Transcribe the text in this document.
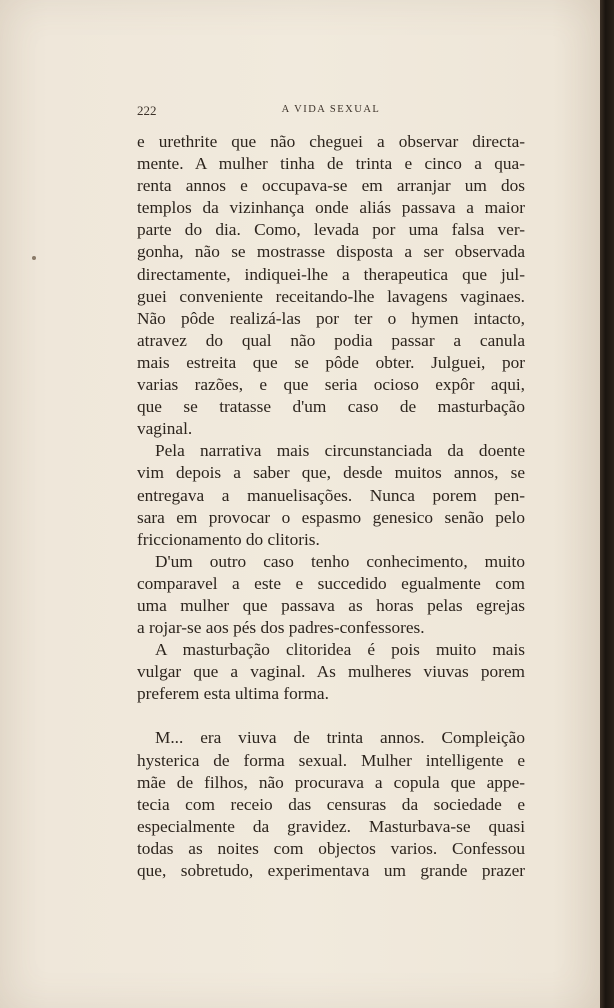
222	A VIDA SEXUAL
e urethrite que não cheguei a observar directa-
mente. A mulher tinha de trinta e cinco a qua-
renta annos e occupava-se em arranjar um dos
templos da vizinhança onde aliás passava a maior
parte do dia. Como, levada por uma falsa ver-
gonha, não se mostrasse disposta a ser observada
directamente, indiquei-lhe a therapeutica que jul-
guei conveniente receitando-lhe lavagens vaginaes.
Não pôde realizá-las por ter o hymen intacto,
atravez do qual não podia passar a canula
mais estreita que se pôde obter. Julguei, por
varias razões, e que seria ocioso expôr aqui,
que se tratasse d'um caso de masturbação
vaginal.
Pela narrativa mais circunstanciada da doente
vim depois a saber que, desde muitos annos, se
entregava a manuelisações. Nunca porem pen-
sara em provocar o espasmo genesico senão pelo
friccionamento do clitoris.
D'um outro caso tenho conhecimento, muito
comparavel a este e succedido egualmente com
uma mulher que passava as horas pelas egrejas
a rojar-se aos pés dos padres-confessores.
A masturbação clitoridea é pois muito mais
vulgar que a vaginal. As mulheres viuvas porem
preferem esta ultima forma.
M... era viuva de trinta annos. Compleição
hysterica de forma sexual. Mulher intelligente e
mãe de filhos, não procurava a copula que appe-
tecia com receio das censuras da sociedade e
especialmente da gravidez. Masturbava-se quasi
todas as noites com objectos varios. Confessou
que, sobretudo, experimentava um grande prazer
